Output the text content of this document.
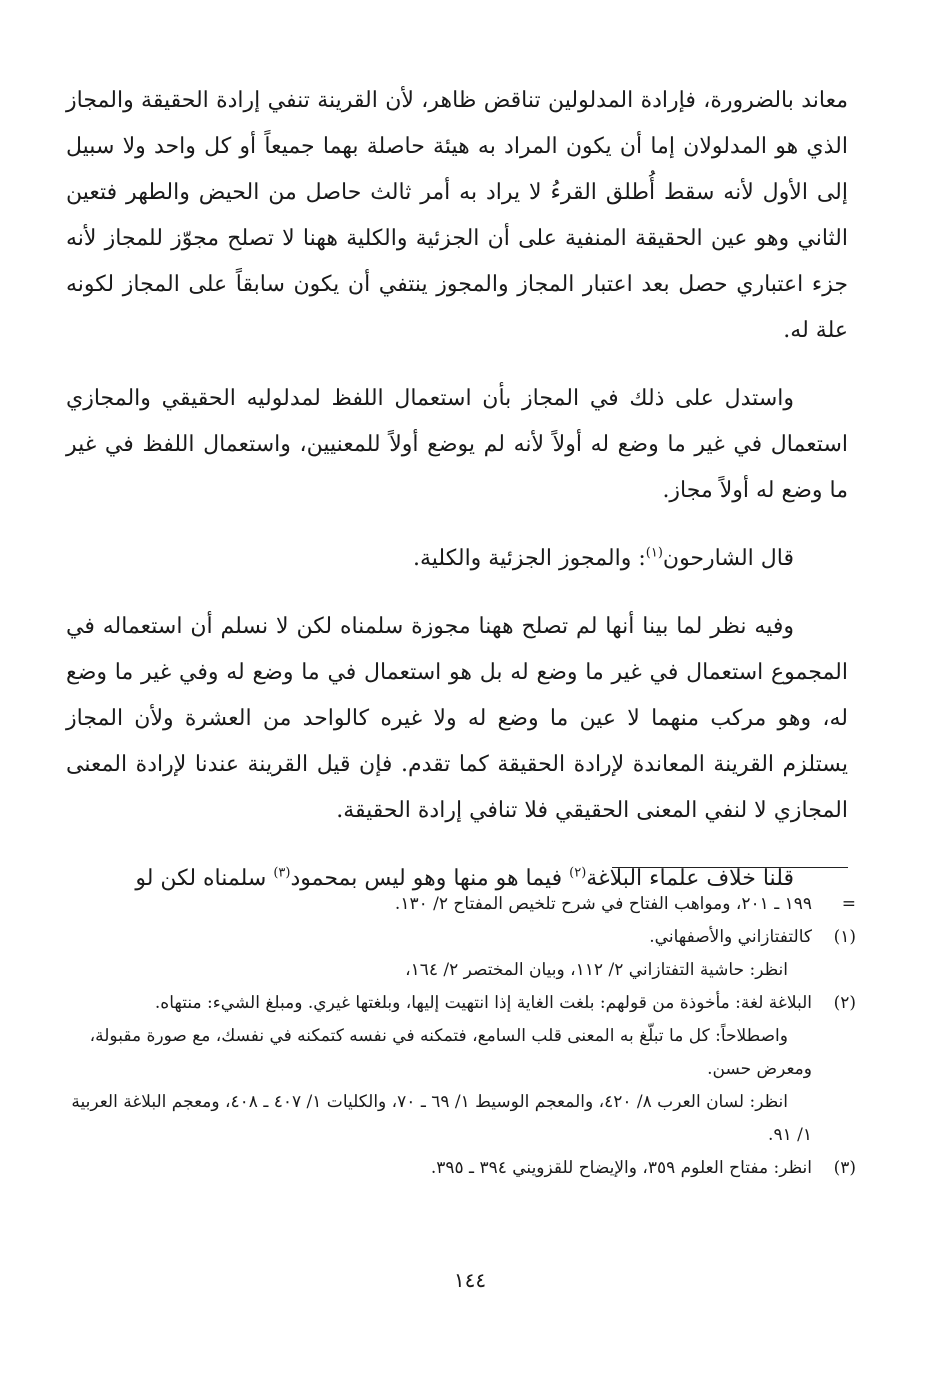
معاند بالضرورة، فإرادة المدلولين تناقض ظاهر، لأن القرينة تنفي إرادة الحقيقة والمجاز الذي هو المدلولان إما أن يكون المراد به هيئة حاصلة بهما جميعاً أو كل واحد ولا سبيل إلى الأول لأنه سقط أُطلق القرءُ لا يراد به أمر ثالث حاصل من الحيض والطهر فتعين الثاني وهو عين الحقيقة المنفية على أن الجزئية والكلية ههنا لا تصلح مجوّز للمجاز لأنه جزء اعتباري حصل بعد اعتبار المجاز والمجوز ينتفي أن يكون سابقاً على المجاز لكونه علة له.

واستدل على ذلك في المجاز بأن استعمال اللفظ لمدلوليه الحقيقي والمجازي استعمال في غير ما وضع له أولاً لأنه لم يوضع أولاً للمعنيين، واستعمال اللفظ في غير ما وضع له أولاً مجاز.

قال الشارحون$^{(١)}$: والمجوز الجزئية والكلية.

وفيه نظر لما بينا أنها لم تصلح ههنا مجوزة سلمناه لكن لا نسلم أن استعماله في المجموع استعمال في غير ما وضع له بل هو استعمال في ما وضع له وفي غير ما وضع له، وهو مركب منهما لا عين ما وضع له ولا غيره كالواحد من العشرة ولأن المجاز يستلزم القرينة المعاندة لإرادة الحقيقة كما تقدم. فإن قيل القرينة عندنا لإرادة المعنى المجازي لا لنفي المعنى الحقيقي فلا تنافي إرادة الحقيقة.

قلنا خلاف علماء البلاغة$^{(٢)}$ فيما هو منها وهو ليس بمحمود$^{(٣)}$ سلمناه لكن لو

=
١٩٩ ـ ٢٠١، ومواهب الفتاح في شرح تلخيص المفتاح ٢/ ١٣٠.
(١)
كالتفتازاني والأصفهاني.
انظر: حاشية التفتازاني ٢/ ١١٢، وبيان المختصر ٢/ ١٦٤،
(٢)
البلاغة لغة: مأخوذة من قولهم: بلغت الغاية إذا انتهيت إليها، وبلغتها غيري. ومبلغ الشيء: منتهاه.
واصطلاحاً: كل ما تبلّغ به المعنى قلب السامع، فتمكنه في نفسه كتمكنه في نفسك، مع صورة مقبولة، ومعرض حسن.
انظر: لسان العرب ٨/ ٤٢٠، والمعجم الوسيط ١/ ٦٩ ـ ٧٠، والكليات ١/ ٤٠٧ ـ ٤٠٨، ومعجم البلاغة العربية ١/ ٩١.
(٣)
انظر: مفتاح العلوم ٣٥٩، والإيضاح للقزويني ٣٩٤ ـ ٣٩٥.
١٤٤
